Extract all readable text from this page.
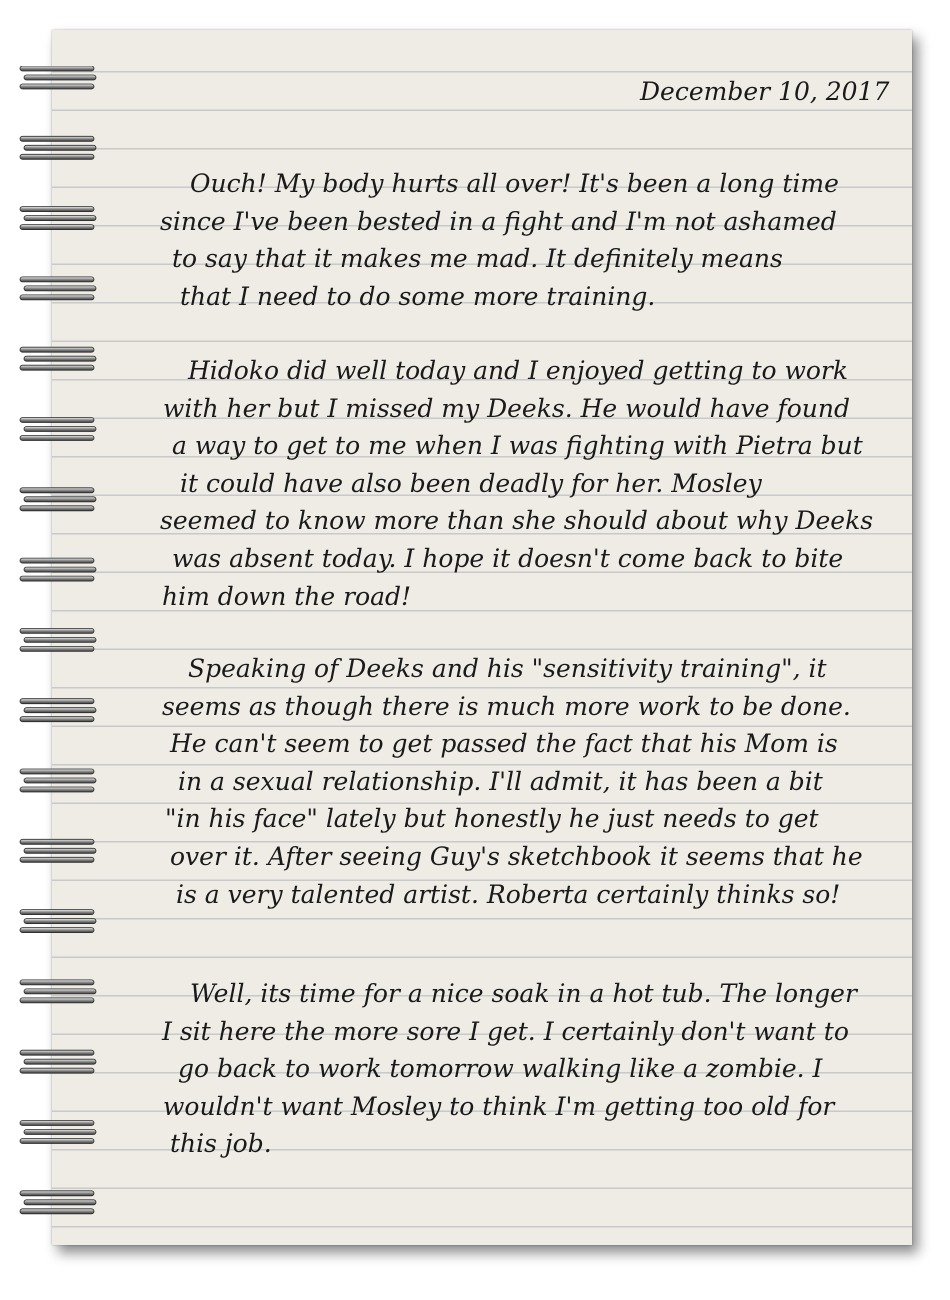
December 10, 2017
Ouch! My body hurts all over! It's been a long time
since I've been bested in a fight and I'm not ashamed
to say that it makes me mad. It definitely means
that I need to do some more training.
Hidoko did well today and I enjoyed getting to work
with her but I missed my Deeks. He would have found
a way to get to me when I was fighting with Pietra but
it could have also been deadly for her. Mosley
seemed to know more than she should about why Deeks
was absent today. I hope it doesn't come back to bite
him down the road!
Speaking of Deeks and his "sensitivity training", it
seems as though there is much more work to be done.
He can't seem to get passed the fact that his Mom is
in a sexual relationship. I'll admit, it has been a bit
"in his face" lately but honestly he just needs to get
over it. After seeing Guy's sketchbook it seems that he
is a very talented artist. Roberta certainly thinks so!
Well, its time for a nice soak in a hot tub. The longer
I sit here the more sore I get. I certainly don't want to
go back to work tomorrow walking like a zombie. I
wouldn't want Mosley to think I'm getting too old for
this job.
